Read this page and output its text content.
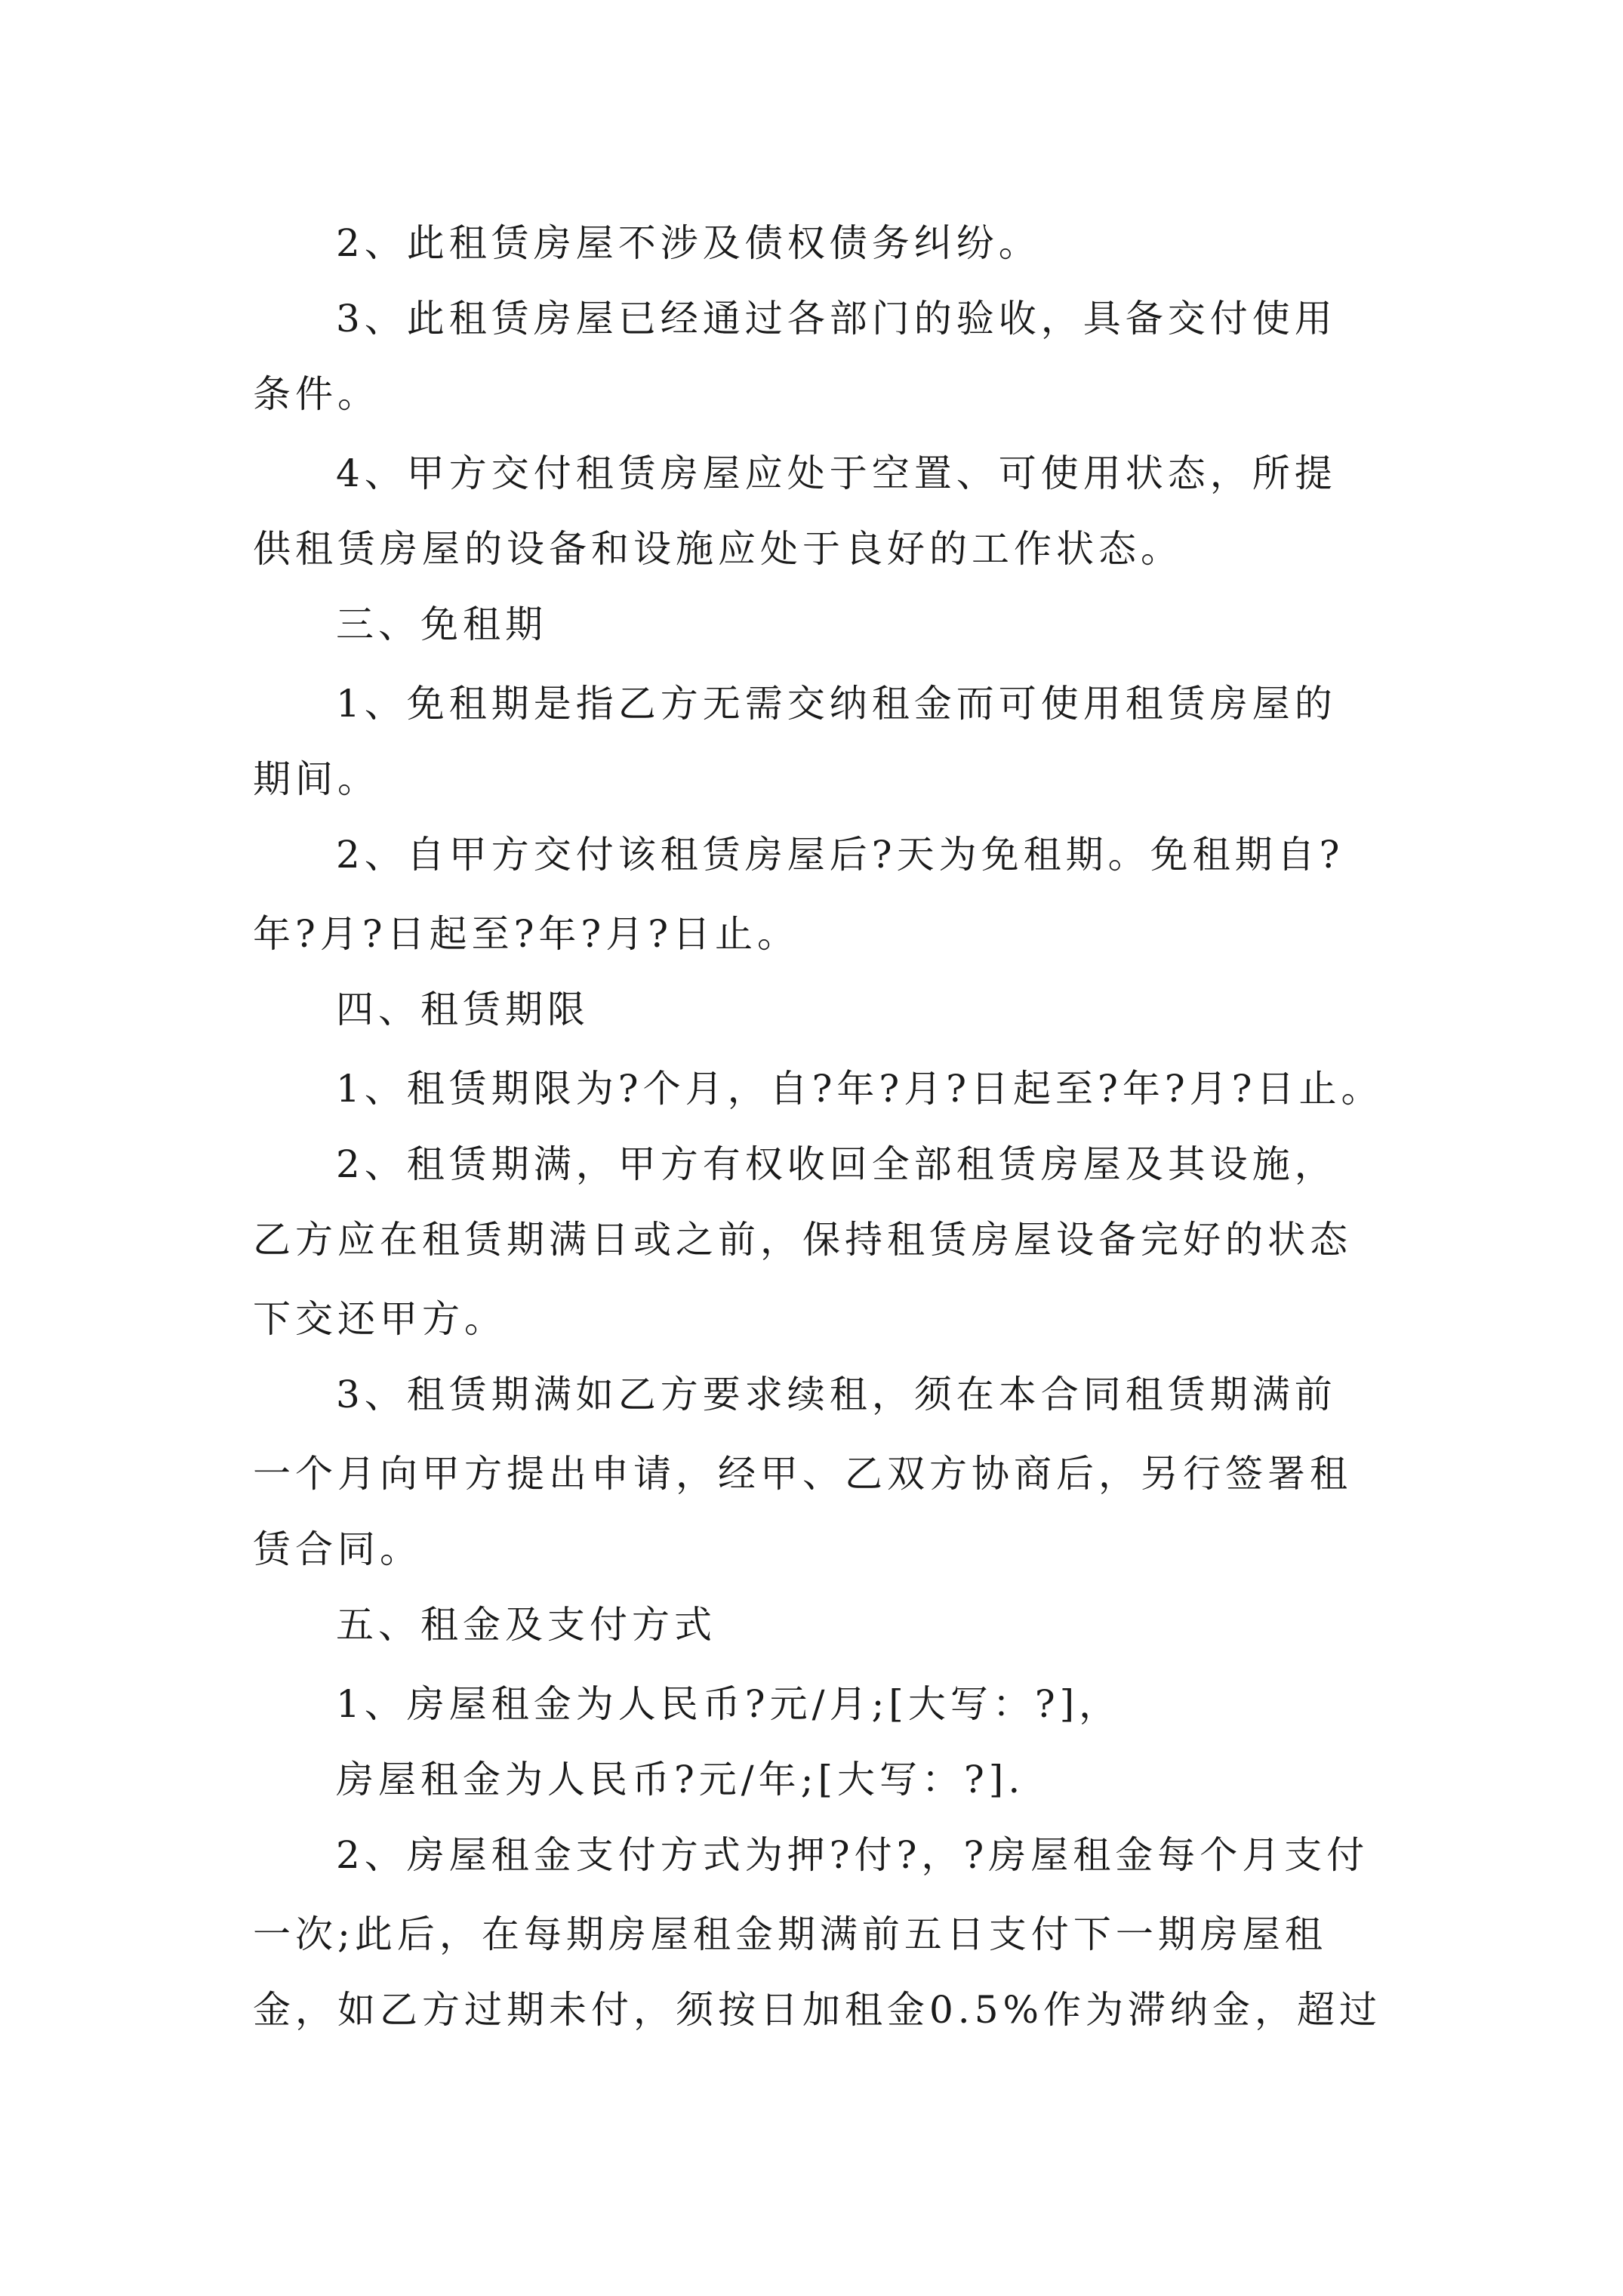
2、此租赁房屋不涉及债权债务纠纷。
3、此租赁房屋已经通过各部门的验收，具备交付使用
条件。
4、甲方交付租赁房屋应处于空置、可使用状态，所提
供租赁房屋的设备和设施应处于良好的工作状态。
三、免租期
1、免租期是指乙方无需交纳租金而可使用租赁房屋的
期间。
2、自甲方交付该租赁房屋后?天为免租期。免租期自?
年?月?日起至?年?月?日止。
四、租赁期限
1、租赁期限为?个月，自?年?月?日起至?年?月?日止。
2、租赁期满，甲方有权收回全部租赁房屋及其设施，
乙方应在租赁期满日或之前，保持租赁房屋设备完好的状态
下交还甲方。
3、租赁期满如乙方要求续租，须在本合同租赁期满前
一个月向甲方提出申请，经甲、乙双方协商后，另行签署租
赁合同。
五、租金及支付方式
1、房屋租金为人民币?元/月;[大写：?]，
房屋租金为人民币?元/年;[大写：?].
2、房屋租金支付方式为押?付?，?房屋租金每个月支付
一次;此后，在每期房屋租金期满前五日支付下一期房屋租
金，如乙方过期未付，须按日加租金0.5%作为滞纳金，超过
